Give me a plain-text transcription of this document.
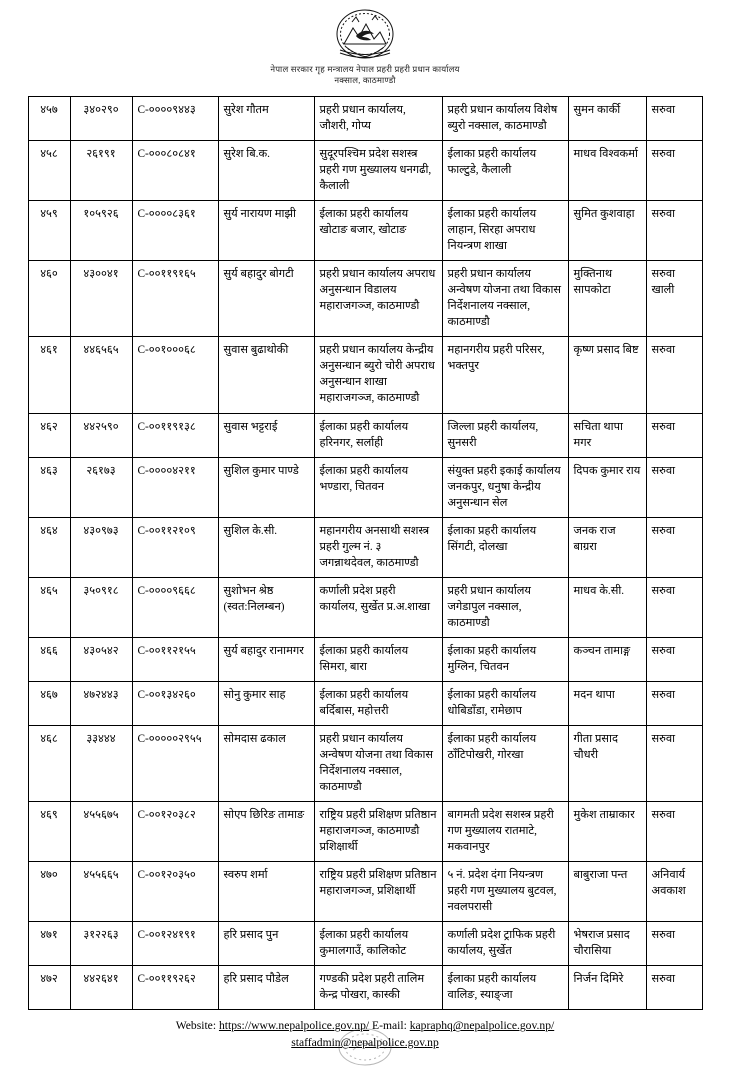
नेपाल सरकार गृह मन्त्रालय नेपाल प्रहरी प्रहरी प्रधान कार्यालय नक्साल, काठमाण्डौ
४५७	३४०२९०	C-००००९४४३	सुरेश गौतम	प्रहरी प्रधान कार्यालय, जौशरी, गोप्य	प्रहरी प्रधान कार्यालय विशेष ब्युरो नक्साल, काठमाण्डौ	सुमन कार्की	सरुवा
४५८	२६१९१	C-०००८०८४१	सुरेश बि.क.	सुदूरपश्चिम प्रदेश सशस्त्र प्रहरी गण मुख्यालय धनगढी, कैलाली	ईलाका प्रहरी कार्यालय फाल्टुडे, कैलाली	माधव विश्वकर्मा	सरुवा
४५९	१०५९२६	C-००००८३६१	सुर्य नारायण माझी	ईलाका प्रहरी कार्यालय खोटाङ बजार, खोटाङ	ईलाका प्रहरी कार्यालय लाहान, सिरहा अपराध नियन्त्रण शाखा	सुमित कुशवाहा	सरुवा
४६०	४३००४१	C-००११९१६५	सुर्य बहादुर बोगटी	प्रहरी प्रधान कार्यालय अपराध अनुसन्धान विडालय महाराजगञ्ज, काठमाण्डौ	प्रहरी प्रधान कार्यालय अन्वेषण योजना तथा विकास निर्देशनालय नक्साल, काठमाण्डौ	मुक्तिनाथ सापकोटा	सरुवा खाली
४६१	४४६५६५	C-००१०००६८	सुवास बुढाथोकी	प्रहरी प्रधान कार्यालय केन्द्रीय अनुसन्धान ब्युरो चोरी अपराध अनुसन्धान शाखा महाराजगञ्ज, काठमाण्डौ	महानगरीय प्रहरी परिसर, भक्तपुर	कृष्ण प्रसाद बिष्ट	सरुवा
४६२	४४२५९०	C-००११९१३८	सुवास भट्टराई	ईलाका प्रहरी कार्यालय हरिनगर, सर्लाही	जिल्ला प्रहरी कार्यालय, सुनसरी	सचिता थापा मगर	सरुवा
४६३	२६१७३	C-००००४२११	सुशिल कुमार पाण्डे	ईलाका प्रहरी कार्यालय भण्डारा, चितवन	संयुक्त प्रहरी इकाई कार्यालय जनकपुर, धनुषा केन्द्रीय अनुसन्धान सेल	दिपक कुमार राय	सरुवा
४६४	४३०९७३	C-००११२१०९	सुशिल के.सी.	महानगरीय अनसाथी सशस्त्र प्रहरी गुल्म नं. ३ जगन्नाथदेवल, काठमाण्डौ	ईलाका प्रहरी कार्यालय सिंगटी, दोलखा	जनक राज बाग्ररा	सरुवा
४६५	३५०९१८	C-००००९६६८	सुशोभन श्रेष्ठ (स्वत:निलम्बन)	कर्णाली प्रदेश प्रहरी कार्यालय, सुर्खेत प्र.अ.शाखा	प्रहरी प्रधान कार्यालय जगेडापुल नक्साल, काठमाण्डौ	माधव के.सी.	सरुवा
४६६	४३०५४२	C-००११२१५५	सुर्य बहादुर रानामगर	ईलाका प्रहरी कार्यालय सिमरा, बारा	ईलाका प्रहरी कार्यालय मुग्लिन, चितवन	कञ्चन तामाङ्ग	सरुवा
४६७	४७२४४३	C-००१३४२६०	सोनु कुमार साह	ईलाका प्रहरी कार्यालय बर्दिबास, महोत्तरी	ईलाका प्रहरी कार्यालय धोबिडाँडा, रामेछाप	मदन थापा	सरुवा
४६८	३३४४४	C-०००००२९५५	सोमदास ढकाल	प्रहरी प्रधान कार्यालय अन्वेषण योजना तथा विकास निर्देशनालय नक्साल, काठमाण्डौ	ईलाका प्रहरी कार्यालय ठाँटिपोखरी, गोरखा	गीता प्रसाद चौधरी	सरुवा
४६९	४५५६७५	C-००१२०३८२	सोएप छिरिङ तामाङ	राष्ट्रिय प्रहरी प्रशिक्षण प्रतिष्ठान महाराजगञ्ज, काठमाण्डौ प्रशिक्षार्थी	बागमती प्रदेश सशस्त्र प्रहरी गण मुख्यालय रातमाटे, मकवानपुर	मुकेश ताम्राकार	सरुवा
४७०	४५५६६५	C-००१२०३५०	स्वरुप शर्मा	राष्ट्रिय प्रहरी प्रशिक्षण प्रतिष्ठान महाराजगञ्ज, प्रशिक्षार्थी	५ नं. प्रदेश दंगा नियन्त्रण प्रहरी गण मुख्यालय बुटवल, नवलपरासी	बाबुराजा पन्त	अनिवार्य अवकाश
४७१	३१२२६३	C-००१२४१९१	हरि प्रसाद पुन	ईलाका प्रहरी कार्यालय कुमालगाउँ, कालिकोट	कर्णाली प्रदेश ट्राफिक प्रहरी कार्यालय, सुर्खेत	भेषराज प्रसाद चौरासिया	सरुवा
४७२	४४२६४१	C-००११९२६२	हरि प्रसाद पौडेल	गण्डकी प्रदेश प्रहरी तालिम केन्द्र पोखरा, कास्की	ईलाका प्रहरी कार्यालय वालिङ, स्याङ्जा	निर्जन दिमिरे	सरुवा
Website: https://www.nepalpolice.gov.np/ E-mail: kapraphq@nepalpolice.gov.np/
staffadmin@nepalpolice.gov.np
